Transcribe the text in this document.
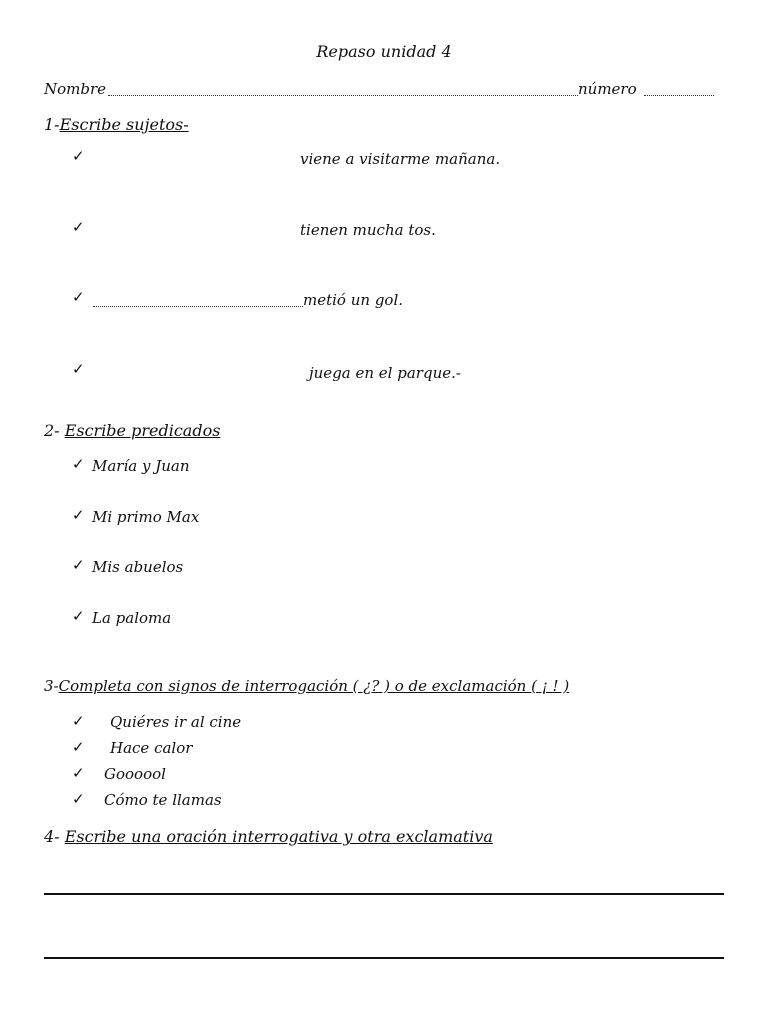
Repaso unidad 4
Nombre	número
1-Escribe sujetos-
✓	viene a visitarme mañana.
✓	tienen mucha tos.
✓	metió un gol.
✓	juega en el parque.-
2- Escribe predicados
✓ María y Juan
✓ Mi primo Max
✓ Mis abuelos
✓ La paloma
3-Completa con signos de interrogación ( ¿? ) o de exclamación ( ¡ ! )
✓ Quiéres ir al cine
✓ Hace calor
✓ Goooool
✓ Cómo te llamas
4- Escribe una oración interrogativa y otra exclamativa
